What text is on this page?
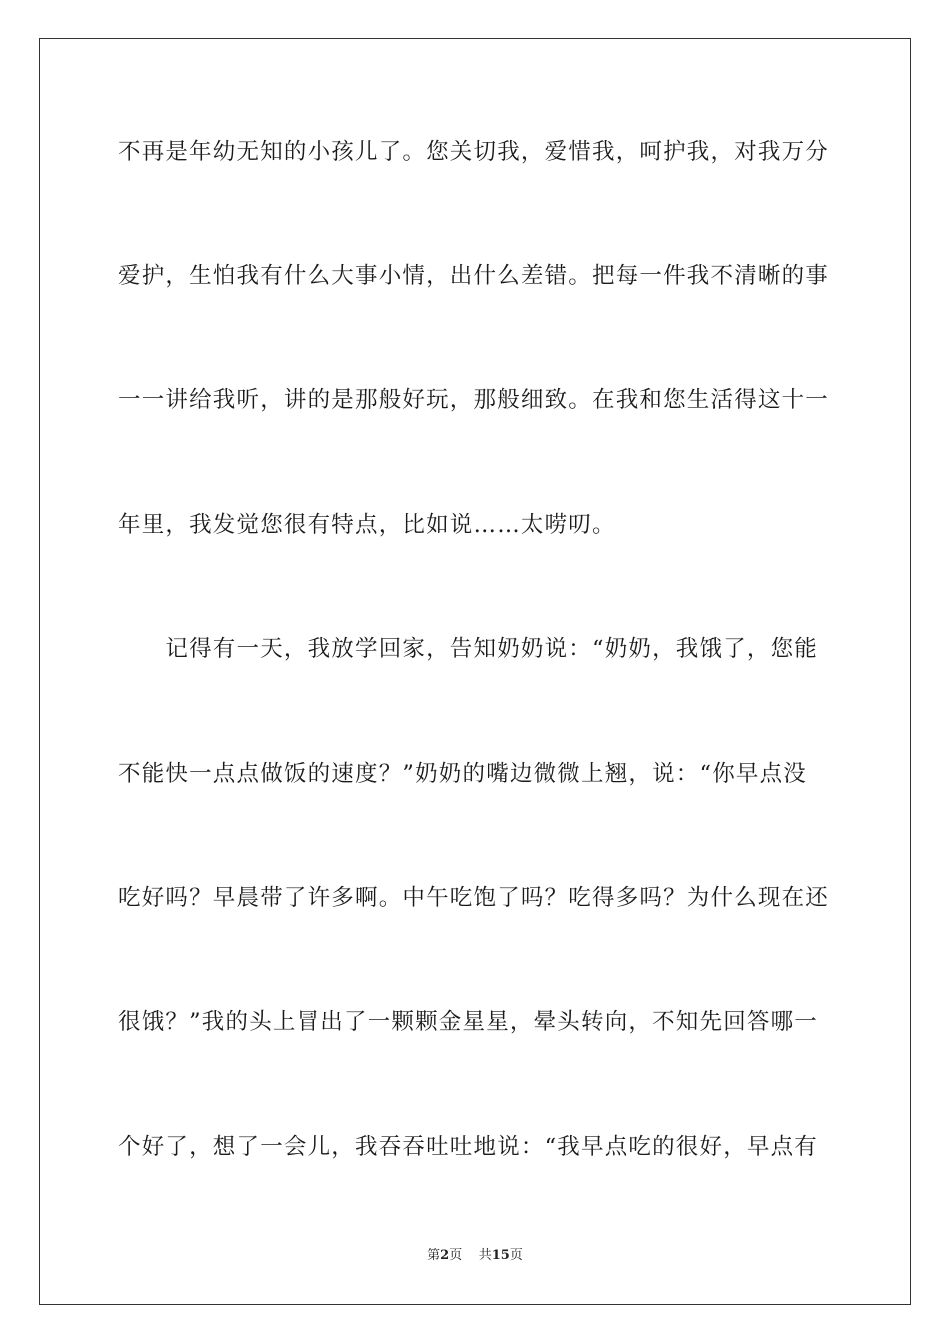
不再是年幼无知的小孩儿了。您关切我，爱惜我，呵护我，对我万分
爱护，生怕我有什么大事小情，出什么差错。把每一件我不清晰的事
一一讲给我听，讲的是那般好玩，那般细致。在我和您生活得这十一
年里，我发觉您很有特点，比如说……太唠叨。
　　记得有一天，我放学回家，告知奶奶说：“奶奶，我饿了，您能
不能快一点点做饭的速度？”奶奶的嘴边微微上翘，说：“你早点没
吃好吗？早晨带了许多啊。中午吃饱了吗？吃得多吗？为什么现在还
很饿？”我的头上冒出了一颗颗金星星，晕头转向，不知先回答哪一
个好了，想了一会儿，我吞吞吐吐地说：“我早点吃的很好，早点有
第2页 共15页
